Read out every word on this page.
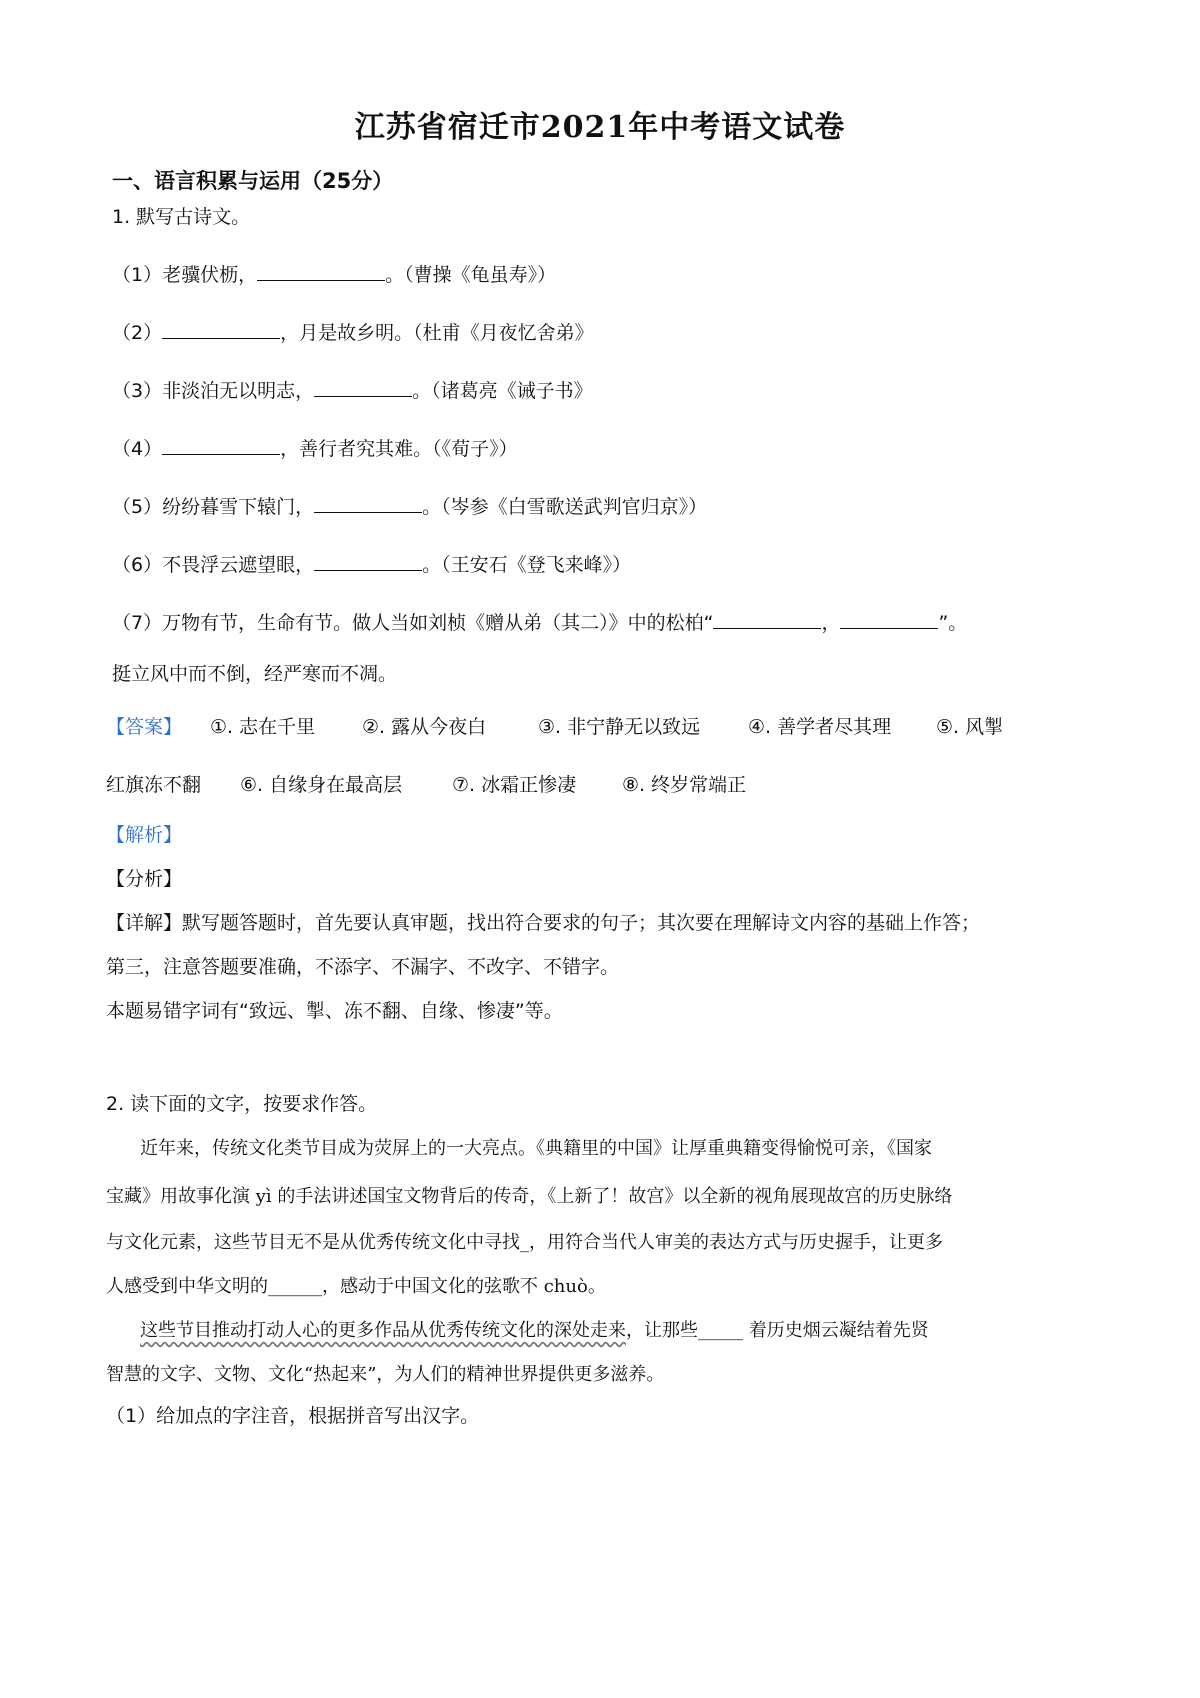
江苏省宿迁市2021年中考语文试卷
一、语言积累与运用（25分）
1. 默写古诗文。
（1）老骥伏枥，	。（曹操《龟虽寿》）
（2）	，月是故乡明。（杜甫《月夜忆舍弟》
（3）非淡泊无以明志，	。（诸葛亮《诫子书》
（4）	，善行者究其难。（《荀子》）
（5）纷纷暮雪下辕门，	。（岑参《白雪歌送武判官归京》）
（6）不畏浮云遮望眼，	。（王安石《登飞来峰》）
（7）万物有节，生命有节。做人当如刘桢《赠从弟（其二）》中的松柏“	，	”。
挺立风中而不倒，经严寒而不凋。
【答案】 ①. 志在千里 ②. 露从今夜白	③. 非宁静无以致远	④. 善学者尽其理 ⑤. 风掣
红旗冻不翻 ⑥. 自缘身在最高层	⑦. 冰霜正惨凄 ⑧. 终岁常端正
【解析】
【分析】
【详解】默写题答题时，首先要认真审题，找出符合要求的句子；其次要在理解诗文内容的基础上作答；
第三，注意答题要准确，不添字、不漏字、不改字、不错字。
本题易错字词有“致远、掣、冻不翻、自缘、惨凄”等。
2. 读下面的文字，按要求作答。
近年来，传统文化类节目成为荧屏上的一大亮点。《典籍里的中国》让厚重典籍变得愉悦可亲，《国家
宝藏》用故事化演 yì 的手法讲述国宝文物背后的传奇，《上新了！故宫》以全新的视角展现故宫的历史脉络
与文化元素，这些节目无不是从优秀传统文化中寻找_，用符合当代人审美的表达方式与历史握手，让更多
人感受到中华文明的______，感动于中国文化的弦歌不 chuò。
这些节目推动打动人心的更多作品从优秀传统文化的深处走来，让那些_____ 着历史烟云凝结着先贤
智慧的文字、文物、文化“热起来”，为人们的精神世界提供更多滋养。
（1）给加点的字注音，根据拼音写出汉字。
